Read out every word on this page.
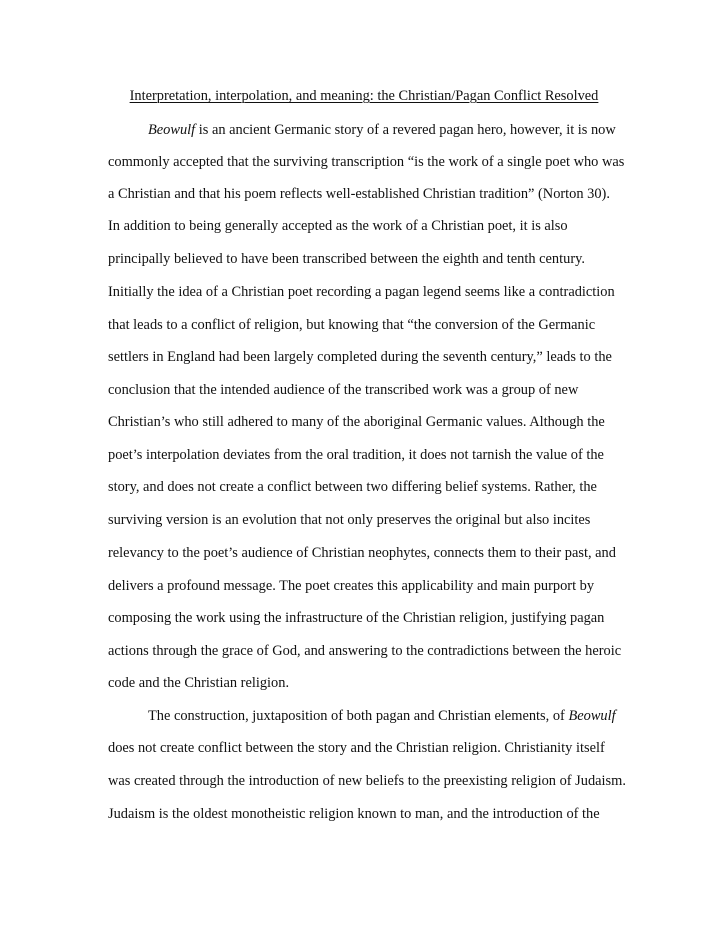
Interpretation, interpolation, and meaning: the Christian/Pagan Conflict Resolved
Beowulf is an ancient Germanic story of a revered pagan hero, however, it is now
commonly accepted that the surviving transcription “is the work of a single poet who was
a Christian and that his poem reflects well-established Christian tradition” (Norton 30).
In addition to being generally accepted as the work of a Christian poet, it is also
principally believed to have been transcribed between the eighth and tenth century.
Initially the idea of a Christian poet recording a pagan legend seems like a contradiction
that leads to a conflict of religion, but knowing that “the conversion of the Germanic
settlers in England had been largely completed during the seventh century,” leads to the
conclusion that the intended audience of the transcribed work was a group of new
Christian’s who still adhered to many of the aboriginal Germanic values. Although the
poet’s interpolation deviates from the oral tradition, it does not tarnish the value of the
story, and does not create a conflict between two differing belief systems. Rather, the
surviving version is an evolution that not only preserves the original but also incites
relevancy to the poet’s audience of Christian neophytes, connects them to their past, and
delivers a profound message. The poet creates this applicability and main purport by
composing the work using the infrastructure of the Christian religion, justifying pagan
actions through the grace of God, and answering to the contradictions between the heroic
code and the Christian religion.
The construction, juxtaposition of both pagan and Christian elements, of Beowulf
does not create conflict between the story and the Christian religion. Christianity itself
was created through the introduction of new beliefs to the preexisting religion of Judaism.
Judaism is the oldest monotheistic religion known to man, and the introduction of the
